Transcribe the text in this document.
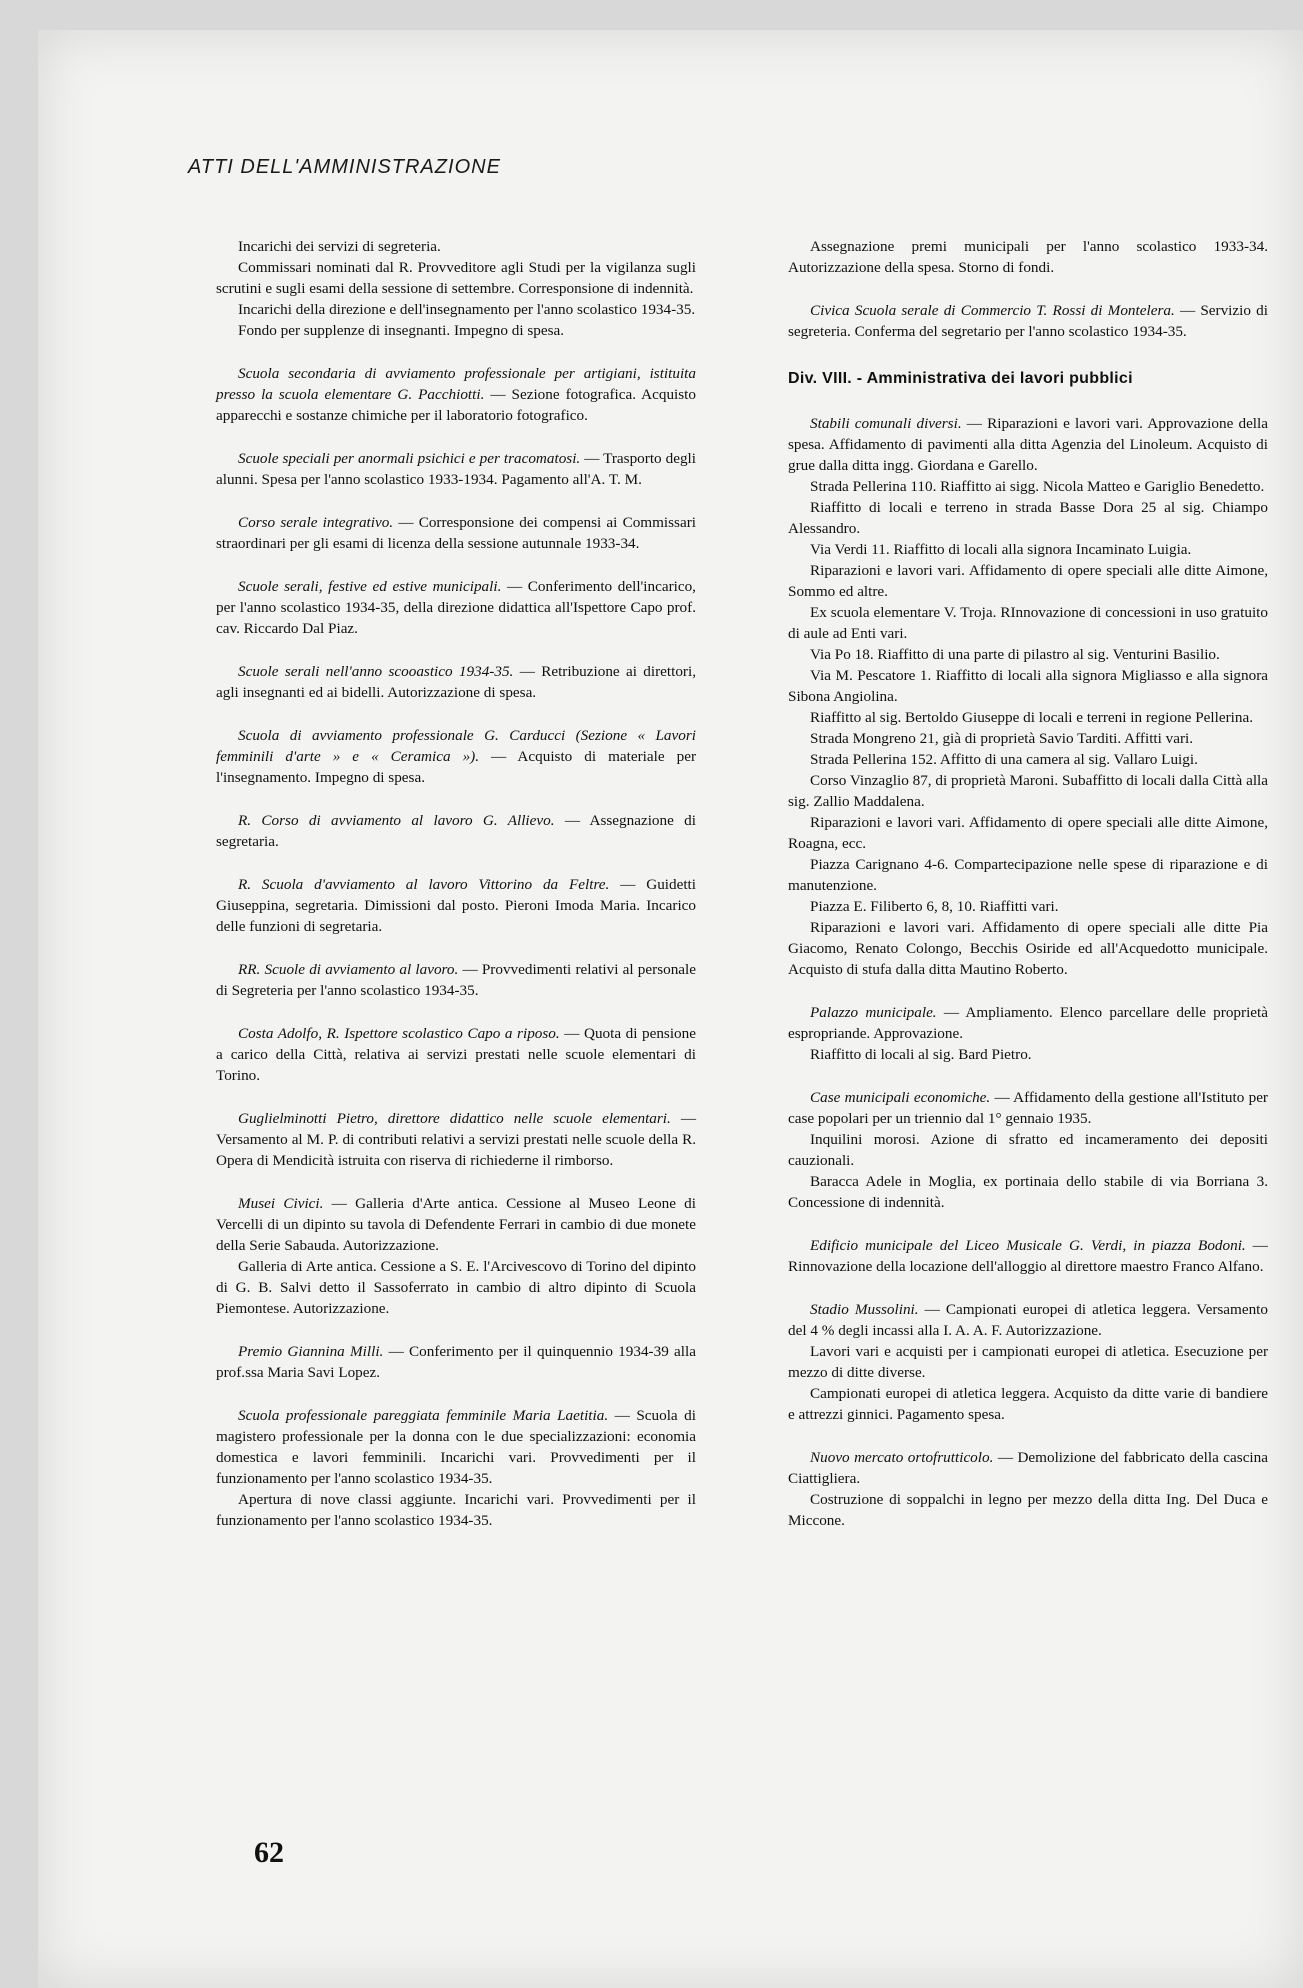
ATTI DELL'AMMINISTRAZIONE

Incarichi dei servizi di segreteria.

Commissari nominati dal R. Provveditore agli Studi per la vigilanza sugli scrutini e sugli esami della sessione di settembre. Corresponsione di indennità.

Incarichi della direzione e dell'insegnamento per l'anno scolastico 1934-35.

Fondo per supplenze di insegnanti. Impegno di spesa.

Scuola secondaria di avviamento professionale per artigiani, istituita presso la scuola elementare G. Pacchiotti. — Sezione fotografica. Acquisto apparecchi e sostanze chimiche per il laboratorio fotografico.

Scuole speciali per anormali psichici e per tracomatosi. — Trasporto degli alunni. Spesa per l'anno scolastico 1933-1934. Pagamento all'A. T. M.

Corso serale integrativo. — Corresponsione dei compensi ai Commissari straordinari per gli esami di licenza della sessione autunnale 1933-34.

Scuole serali, festive ed estive municipali. — Conferimento dell'incarico, per l'anno scolastico 1934-35, della direzione didattica all'Ispettore Capo prof. cav. Riccardo Dal Piaz.

Scuole serali nell'anno scooastico 1934-35. — Retribuzione ai direttori, agli insegnanti ed ai bidelli. Autorizzazione di spesa.

Scuola di avviamento professionale G. Carducci (Sezione « Lavori femminili d'arte » e « Ceramica »). — Acquisto di materiale per l'insegnamento. Impegno di spesa.

R. Corso di avviamento al lavoro G. Allievo. — Assegnazione di segretaria.

R. Scuola d'avviamento al lavoro Vittorino da Feltre. — Guidetti Giuseppina, segretaria. Dimissioni dal posto. Pieroni Imoda Maria. Incarico delle funzioni di segretaria.

RR. Scuole di avviamento al lavoro. — Provvedimenti relativi al personale di Segreteria per l'anno scolastico 1934-35.

Costa Adolfo, R. Ispettore scolastico Capo a riposo. — Quota di pensione a carico della Città, relativa ai servizi prestati nelle scuole elementari di Torino.

Guglielminotti Pietro, direttore didattico nelle scuole elementari. — Versamento al M. P. di contributi relativi a servizi prestati nelle scuole della R. Opera di Mendicità istruita con riserva di richiederne il rimborso.

Musei Civici. — Galleria d'Arte antica. Cessione al Museo Leone di Vercelli di un dipinto su tavola di Defendente Ferrari in cambio di due monete della Serie Sabauda. Autorizzazione.

Galleria di Arte antica. Cessione a S. E. l'Arcivescovo di Torino del dipinto di G. B. Salvi detto il Sassoferrato in cambio di altro dipinto di Scuola Piemontese. Autorizzazione.

Premio Giannina Milli. — Conferimento per il quinquennio 1934-39 alla prof.ssa Maria Savi Lopez.

Scuola professionale pareggiata femminile Maria Laetitia. — Scuola di magistero professionale per la donna con le due specializzazioni: economia domestica e lavori femminili. Incarichi vari. Provvedimenti per il funzionamento per l'anno scolastico 1934-35.

Apertura di nove classi aggiunte. Incarichi vari. Provvedimenti per il funzionamento per l'anno scolastico 1934-35.

Assegnazione premi municipali per l'anno scolastico 1933-34. Autorizzazione della spesa. Storno di fondi.

Civica Scuola serale di Commercio T. Rossi di Montelera. — Servizio di segreteria. Conferma del segretario per l'anno scolastico 1934-35.

Div. VIII. - Amministrativa dei lavori pubblici

Stabili comunali diversi. — Riparazioni e lavori vari. Approvazione della spesa. Affidamento di pavimenti alla ditta Agenzia del Linoleum. Acquisto di grue dalla ditta ingg. Giordana e Garello.

Strada Pellerina 110. Riaffitto ai sigg. Nicola Matteo e Gariglio Benedetto.

Riaffitto di locali e terreno in strada Basse Dora 25 al sig. Chiampo Alessandro.

Via Verdi 11. Riaffitto di locali alla signora Incaminato Luigia.

Riparazioni e lavori vari. Affidamento di opere speciali alle ditte Aimone, Sommo ed altre.

Ex scuola elementare V. Troja. RInnovazione di concessioni in uso gratuito di aule ad Enti vari.

Via Po 18. Riaffitto di una parte di pilastro al sig. Venturini Basilio.

Via M. Pescatore 1. Riaffitto di locali alla signora Migliasso e alla signora Sibona Angiolina.

Riaffitto al sig. Bertoldo Giuseppe di locali e terreni in regione Pellerina.

Strada Mongreno 21, già di proprietà Savio Tarditi. Affitti vari.

Strada Pellerina 152. Affitto di una camera al sig. Vallaro Luigi.

Corso Vinzaglio 87, di proprietà Maroni. Subaffitto di locali dalla Città alla sig. Zallio Maddalena.

Riparazioni e lavori vari. Affidamento di opere speciali alle ditte Aimone, Roagna, ecc.

Piazza Carignano 4-6. Compartecipazione nelle spese di riparazione e di manutenzione.

Piazza E. Filiberto 6, 8, 10. Riaffitti vari.

Riparazioni e lavori vari. Affidamento di opere speciali alle ditte Pia Giacomo, Renato Colongo, Becchis Osiride ed all'Acquedotto municipale. Acquisto di stufa dalla ditta Mautino Roberto.

Palazzo municipale. — Ampliamento. Elenco parcellare delle proprietà espropriande. Approvazione.

Riaffitto di locali al sig. Bard Pietro.

Case municipali economiche. — Affidamento della gestione all'Istituto per case popolari per un triennio dal 1° gennaio 1935.

Inquilini morosi. Azione di sfratto ed incameramento dei depositi cauzionali.

Baracca Adele in Moglia, ex portinaia dello stabile di via Borriana 3. Concessione di indennità.

Edificio municipale del Liceo Musicale G. Verdi, in piazza Bodoni. — Rinnovazione della locazione dell'alloggio al direttore maestro Franco Alfano.

Stadio Mussolini. — Campionati europei di atletica leggera. Versamento del 4 % degli incassi alla I. A. A. F. Autorizzazione.

Lavori vari e acquisti per i campionati europei di atletica. Esecuzione per mezzo di ditte diverse.

Campionati europei di atletica leggera. Acquisto da ditte varie di bandiere e attrezzi ginnici. Pagamento spesa.

Nuovo mercato ortofrutticolo. — Demolizione del fabbricato della cascina Ciattigliera.

Costruzione di soppalchi in legno per mezzo della ditta Ing. Del Duca e Miccone.

62
